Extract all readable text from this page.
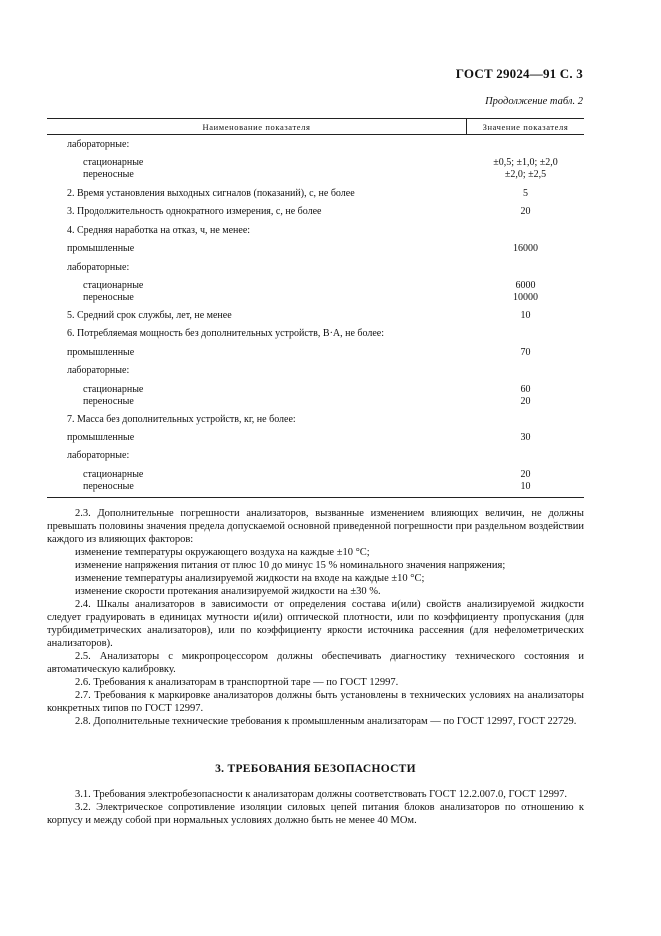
ГОСТ 29024—91 С. 3
Продолжение табл. 2
Наименование показателя	Значение показателя
лабораторные:
стационарные	±0,5; ±1,0; ±2,0
переносные	±2,0; ±2,5
2. Время установления выходных сигналов (показаний), с, не более	5
3. Продолжительность однократного измерения, с, не более	20
4. Средняя наработка на отказ, ч, не менее:
промышленные	16000
лабораторные:
стационарные	6000
переносные	10000
5. Средний срок службы, лет, не менее	10
6. Потребляемая мощность без дополнительных устройств, В·А, не более:
промышленные	70
лабораторные:
стационарные	60
переносные	20
7. Масса без дополнительных устройств, кг, не более:
промышленные	30
лабораторные:
стационарные	20
переносные	10

2.3. Дополнительные погрешности анализаторов, вызванные изменением влияющих величин, не должны превышать половины значения предела допускаемой основной приведенной погрешности при раздельном воздействии каждого из влияющих факторов:

изменение температуры окружающего воздуха на каждые ±10 °С;

изменение напряжения питания от плюс 10 до минус 15 % номинального значения напряжения;

изменение температуры анализируемой жидкости на входе на каждые ±10 °С;

изменение скорости протекания анализируемой жидкости на ±30 %.

2.4. Шкалы анализаторов в зависимости от определения состава и(или) свойств анализируемой жидкости следует градуировать в единицах мутности и(или) оптической плотности, или по коэффициенту пропускания (для турбидиметрических анализаторов), или по коэффициенту яркости источника рассеяния (для нефелометрических анализаторов).

2.5. Анализаторы с микропроцессором должны обеспечивать диагностику технического состояния и автоматическую калибровку.

2.6. Требования к анализаторам в транспортной таре — по ГОСТ 12997.

2.7. Требования к маркировке анализаторов должны быть установлены в технических условиях на анализаторы конкретных типов по ГОСТ 12997.

2.8. Дополнительные технические требования к промышленным анализаторам — по ГОСТ 12997, ГОСТ 22729.

3. ТРЕБОВАНИЯ БЕЗОПАСНОСТИ

3.1. Требования электробезопасности к анализаторам должны соответствовать ГОСТ 12.2.007.0, ГОСТ 12997.

3.2. Электрическое сопротивление изоляции силовых цепей питания блоков анализаторов по отношению к корпусу и между собой при нормальных условиях должно быть не менее 40 МОм.
